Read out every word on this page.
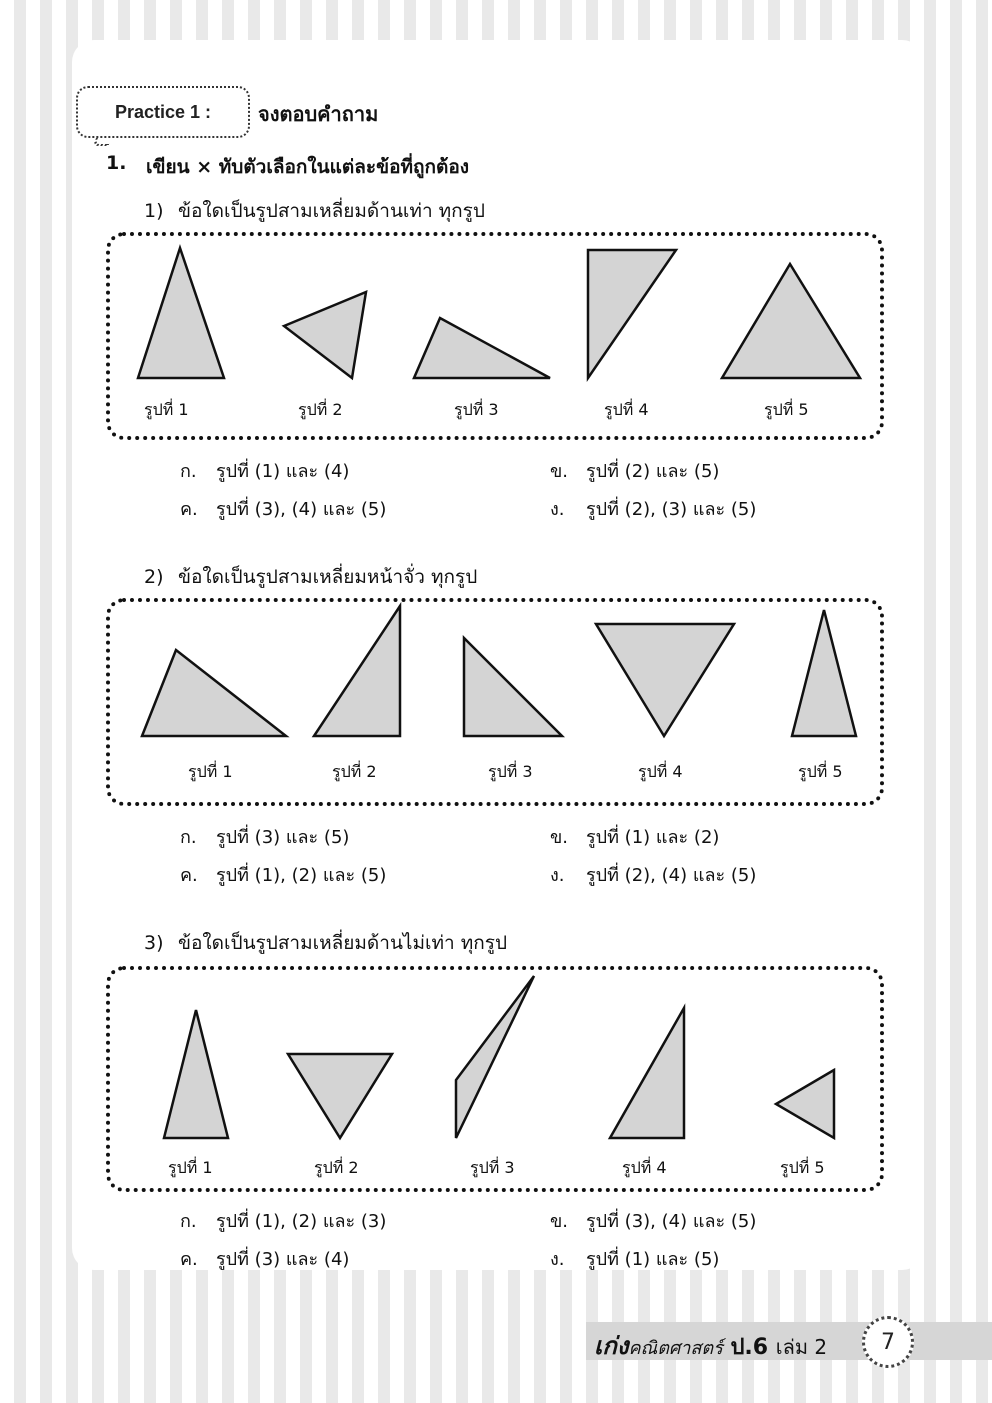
Practice 1 :	จงตอบคำถาม
1. เขียน × ทับตัวเลือกในแต่ละข้อที่ถูกต้อง
1) ข้อใดเป็นรูปสามเหลี่ยมด้านเท่า ทุกรูป
รูปที่ 1	รูปที่ 2	รูปที่ 3	รูปที่ 4	รูปที่ 5
ก. รูปที่ (1) และ (4)	ข. รูปที่ (2) และ (5)
ค. รูปที่ (3), (4) และ (5)	ง. รูปที่ (2), (3) และ (5)
2) ข้อใดเป็นรูปสามเหลี่ยมหน้าจั่ว ทุกรูป
รูปที่ 1	รูปที่ 2	รูปที่ 3	รูปที่ 4	รูปที่ 5
ก. รูปที่ (3) และ (5)	ข. รูปที่ (1) และ (2)
ค. รูปที่ (1), (2) และ (5)	ง. รูปที่ (2), (4) และ (5)
3) ข้อใดเป็นรูปสามเหลี่ยมด้านไม่เท่า ทุกรูป
รูปที่ 1	รูปที่ 2	รูปที่ 3	รูปที่ 4	รูปที่ 5
ก. รูปที่ (1), (2) และ (3)	ข. รูปที่ (3), (4) และ (5)
ค. รูปที่ (3) และ (4)	ง. รูปที่ (1) และ (5)
เก่งคณิตศาสตร์ ป.6 เล่ม 2	7
